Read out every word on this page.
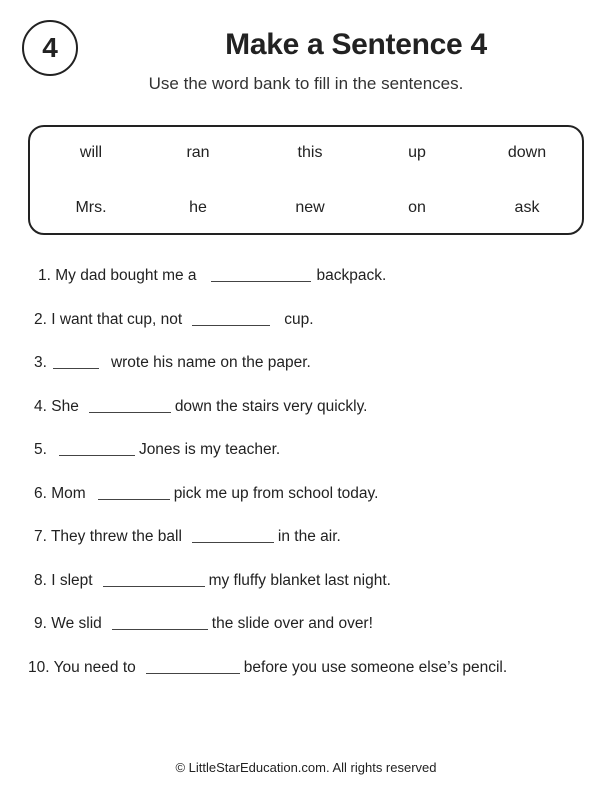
4	Make a Sentence 4
Use the word bank to fill in the sentences.
will	ran	this	up	down
Mrs.	he	new	on	ask
1. My dad bought me a	backpack.
2. I want that cup, not	cup.
3.	wrote his name on the paper.
4. She	down the stairs very quickly.
5.	Jones is my teacher.
6. Mom	pick me up from school today.
7. They threw the ball	in the air.
8. I slept	my fluffy blanket last night.
9. We slid	the slide over and over!
10. You need to	before you use someone else’s pencil.
© LittleStarEducation.com. All rights reserved
